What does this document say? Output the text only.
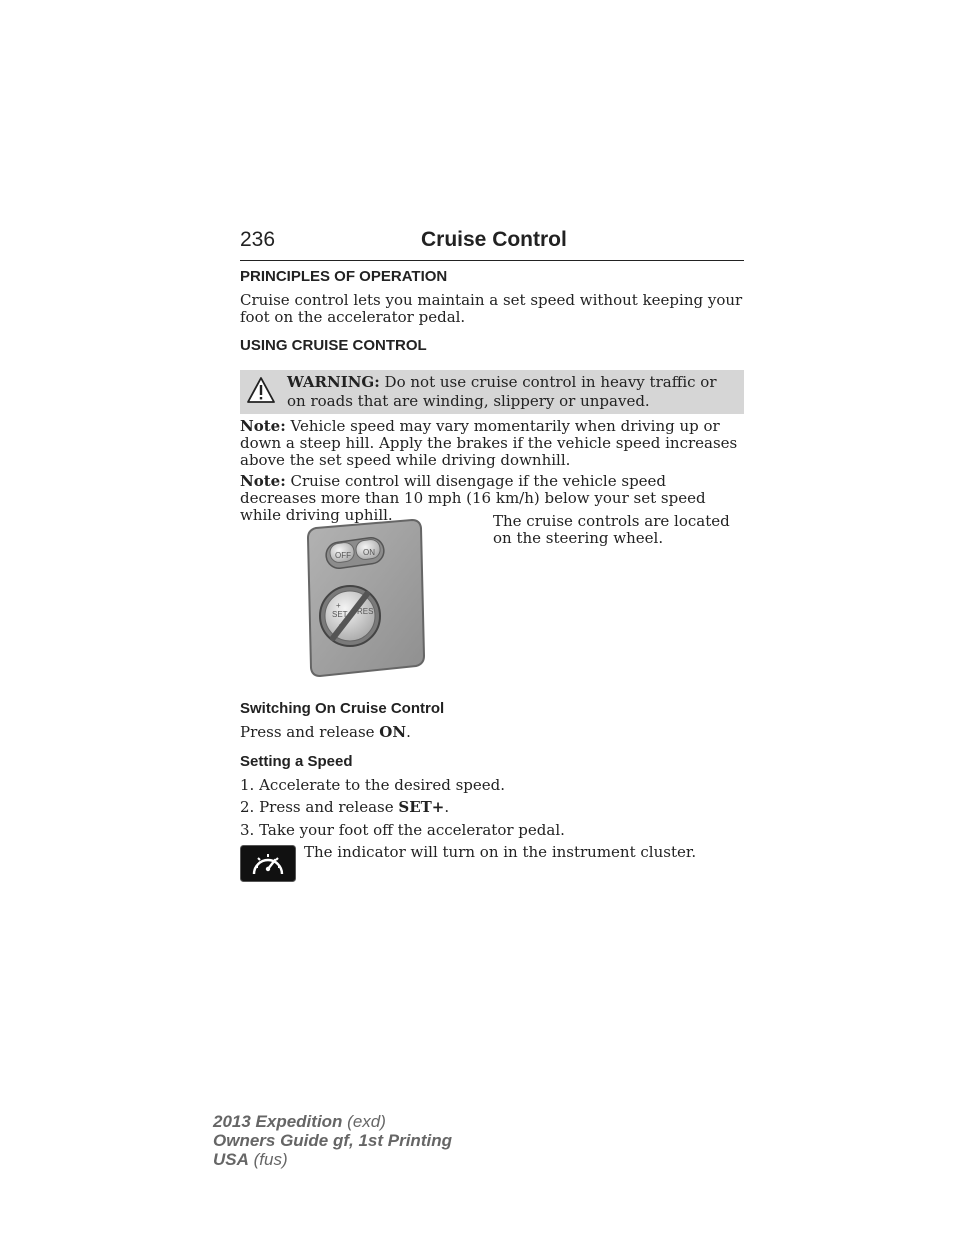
236	Cruise Control
PRINCIPLES OF OPERATION
Cruise control lets you maintain a set speed without keeping your foot on the accelerator pedal.
USING CRUISE CONTROL
WARNING: Do not use cruise control in heavy traffic or on roads that are winding, slippery or unpaved.
Note: Vehicle speed may vary momentarily when driving up or down a steep hill. Apply the brakes if the vehicle speed increases above the set speed while driving downhill.
Note: Cruise control will disengage if the vehicle speed decreases more than 10 mph (16 km/h) below your set speed while driving uphill.
OFF ON
+
SET
–
RES
The cruise controls are located on the steering wheel.
Switching On Cruise Control
Press and release ON.
Setting a Speed
1. Accelerate to the desired speed.
2. Press and release SET+.
3. Take your foot off the accelerator pedal.
The indicator will turn on in the instrument cluster.
2013 Expedition (exd)
Owners Guide gf, 1st Printing
USA (fus)
